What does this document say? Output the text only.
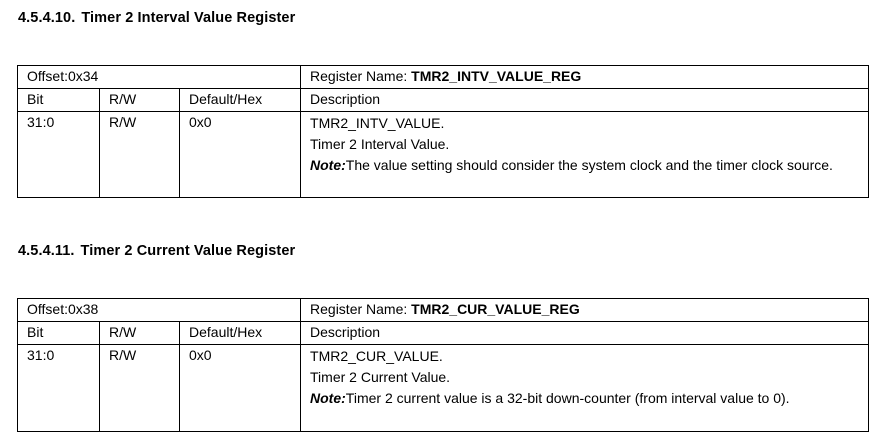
4.5.4.10. Timer 2 Interval Value Register
Offset:0x34			Register Name: TMR2_INTV_VALUE_REG
Bit	R/W	Default/Hex	Description
31:0	R/W	0x0	TMR2_INTV_VALUE.
Timer 2 Interval Value.
Note:The value setting should consider the system clock and the timer clock source.
4.5.4.11. Timer 2 Current Value Register
Offset:0x38			Register Name: TMR2_CUR_VALUE_REG
Bit	R/W	Default/Hex	Description
31:0	R/W	0x0	TMR2_CUR_VALUE.
Timer 2 Current Value.
Note:Timer 2 current value is a 32-bit down-counter (from interval value to 0).
